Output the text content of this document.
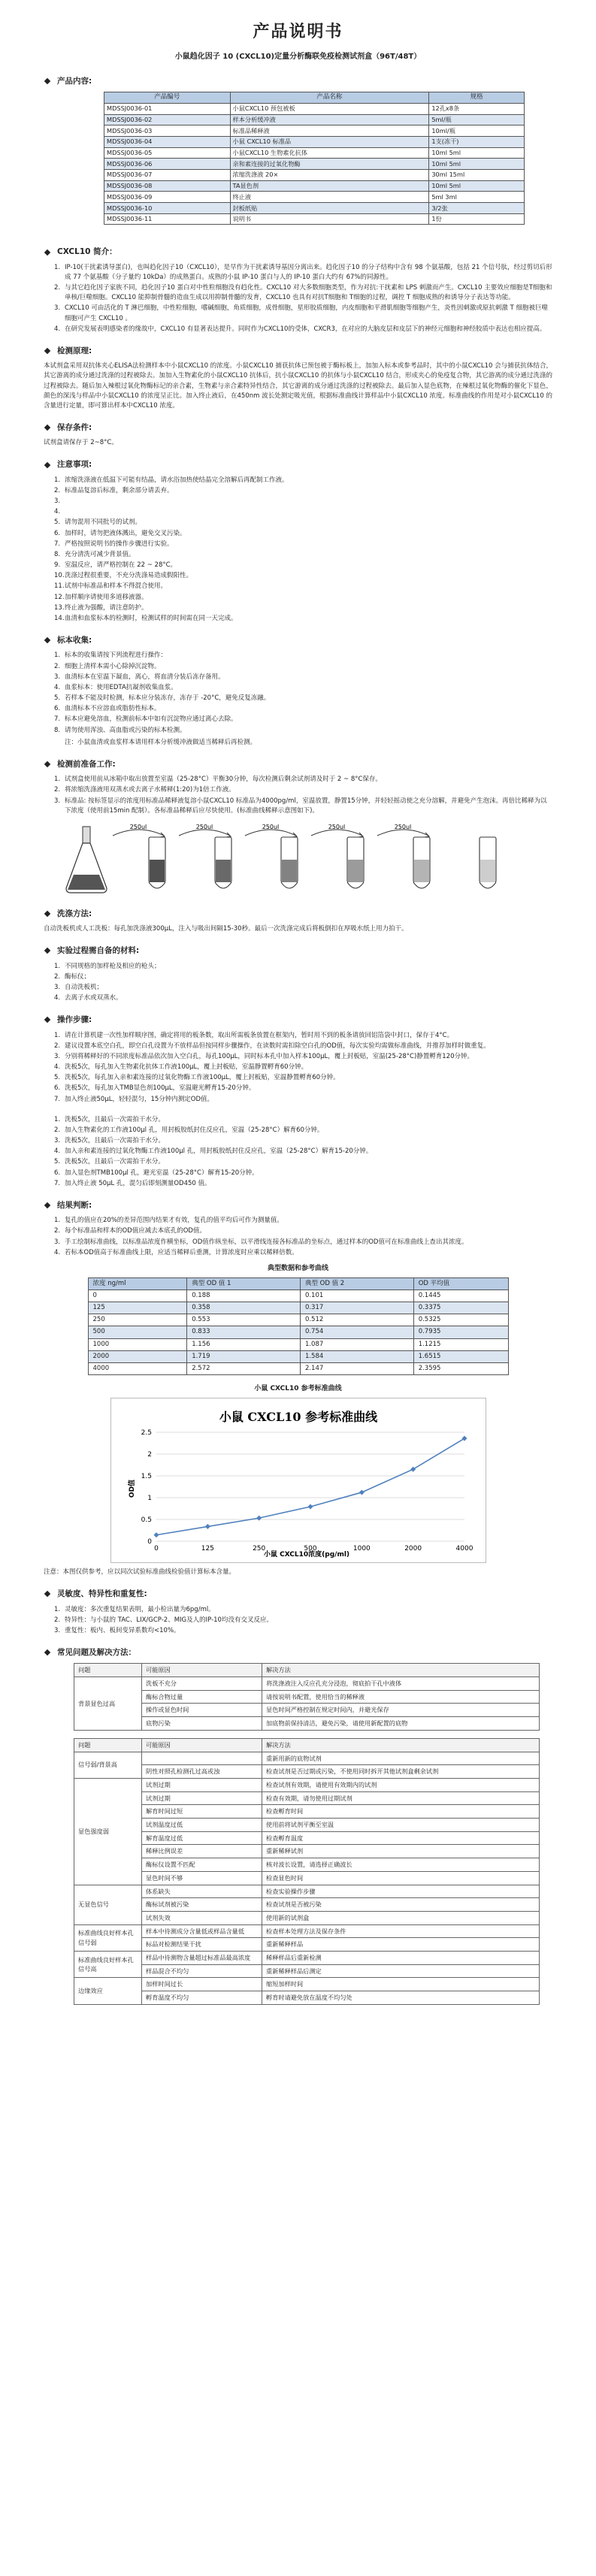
产品说明书
小鼠趋化因子 10 (CXCL10)定量分析酶联免疫检测试剂盒（96T/48T）
产品内容:
产品编号	产品名称	规格
MDSSJ0036-01	小鼠CXCL10 预包被板	12孔x8条
MDSSJ0036-02	样本分析缓冲液	5ml/瓶
MDSSJ0036-03	标准品稀释液	10ml/瓶
MDSSJ0036-04	小鼠 CXCL10 标准品	1支(冻干)
MDSSJ0036-05	小鼠CXCL10 生物素化抗体	10ml 5ml
MDSSJ0036-06	亲和素连接的过氧化物酶	10ml 5ml
MDSSJ0036-07	浓缩洗涤液 20×	30ml 15ml
MDSSJ0036-08	TA显色剂	10ml 5ml
MDSSJ0036-09	终止液	5ml 3ml
MDSSJ0036-10	封板纸贴	3/2张
MDSSJ0036-11	说明书	1份
CXCL10 简介：
1. IP-10(干扰素诱导蛋白)，也叫趋化因子10（CXCL10），是早作为干扰素诱导基因分离出来。趋化因子10 的分子结构中含有 98 个氨基酸，包括 21 个信号肽，经过剪切后形成 77 个氨基酸（分子量约 10kDa）的成熟蛋白。成熟的小鼠 IP-10 蛋白与人的 IP-10 蛋白大约有 67%的同源性。
2. 与其它趋化因子家族不同，趋化因子10 蛋白对中性粒细胞没有趋化性。CXCL10 对大多数细胞类型，作为对抗:干扰素和 LPS 刺激而产生。CXCL10 主要效应细胞是T细胞和单核/巨噬细胞。CXCL10 能抑制骨髓的造血生成以用抑制骨髓的发育，CXCL10 也具有对抗T细胞和 T细胞的过程，调控 T 细胞成熟的和诱导分子表达等功能。
3. CXCL10 可由活化的 T 淋巴细胞，中性粒细胞，嗜碱细胞，角质细胞，成骨细胞，星形胶质细胞，内皮细胞和平滑肌细胞等细胞产生，炎性因刺激或原抗刺激 T 细胞被巨噬细胞可产生 CXCL10 。
4. 在研究发展表明感染者的缘故中，CXCL10 有显著表达提升。同时作为CXCL10的受体，CXCR3，在对应的大脑皮层和皮层下的神经元细胞和神经胶质中表达也相应提高。
检测原理:
本试剂盒采用双抗体夹心ELISA法检测样本中小鼠CXCL10 的浓度。小鼠CXCL10 捕获抗体已预包被于酶标板上，加加入标本或参考品时，其中的小鼠CXCL10 会与捕获抗体结合，其它游离的成分通过洗涤的过程被除去。加加入生物素化的小鼠CXCL10 抗体后，抗小鼠CXCL10 的抗体与小鼠CXCL10 结合，形成夹心的免疫复合物，其它游离的成分通过洗涤的过程被除去。随后加入辣根过氧化物酶标记的亲合素，生物素与亲合素特异性结合，其它游离的成分通过洗涤的过程被除去。最后加入显色底物，在辣根过氧化物酶的催化下显色，颜色的深浅与样品中小鼠CXCL10 的浓度呈正比。加入终止液后，在450nm 波长处测定吸光值，根据标准曲线计算样品中小鼠CXCL10 浓度。标准曲线的作用是对小鼠CXCL10 的含量进行定量，即可算出样本中CXCL10 浓度。
保存条件:
试剂盒请保存于 2~8°C。
注意事项:
1. 浓缩洗涤液在低温下可能有结晶，请水浴加热使结晶完全溶解后再配制工作液。
2. 标准品复溶后标准，剩余部分请丢弃。
3.
4.
5. 请勿混用不同批号的试剂。
6. 加样时，请勿把液体溅出，避免交叉污染。
7. 严格按照说明书的操作步骤进行实验。
8. 充分清洗可减少背景值。
9. 室温反应，请严格控制在 22 ~ 28°C。
10. 洗涤过程很重要，不充分洗涤易造成假阳性。
11. 试剂中标准品和样本不得混合使用。
12. 加样顺序请使用多道移液器。
13. 终止液为强酸，请注意防护。
14. 血清和血浆标本的检测时，检测试样的时间需在同一天完成。
标本收集:
1. 标本的收集请按下列流程进行操作：
2. 细胞上清样本需小心除掉沉淀物。
3. 血清标本在室温下凝血，离心，将血清分装后冻存备用。
4. 血浆标本：使用EDTA抗凝剂收集血浆。
5. 若样本不能及时检测，标本应分装冻存，冻存于 -20°C，避免反复冻融。
6. 血清标本不应溶血或脂肪性标本。
7. 标本应避免溶血，检测前标本中如有沉淀物应通过离心去除。
8. 请勿使用浑浊、高血脂或污染的标本检测。
注：小鼠血清或血浆样本请用样本分析缓冲液做适当稀释后再检测。
检测前准备工作:
1. 试剂盒使用前从冰箱中取出放置至室温（25-28°C）平衡30分钟，每次检测后剩余试剂请及时于 2 ~ 8°C保存。
2. 将浓缩洗涤液用双蒸水或去离子水稀释(1:20)为1倍工作液。
3. 标准品: 按标签显示的浓度用标准品稀释液复溶小鼠CXCL10 标准品为4000pg/ml，室温放置，静置15分钟，并轻轻摇动使之充分溶解，并避免产生泡沫。再倍比稀释为以下浓度（使用前15min 配制）。各标准品稀释后应尽快使用。(标准曲线稀释示意图如下)。
250ul	250ul	250ul	250ul	250ul
洗涤方法:
自动洗板机或人工洗板：每孔加洗涤液300μL，注入与吸出间隔15-30秒。最后一次洗涤完成后将板倒扣在厚吸水纸上用力拍干。
实验过程需自备的材料:
1. 不同规格的加样枪及相应的枪头；
2. 酶标仪；
3. 自动洗板机；
4. 去离子水或双蒸水。
操作步骤:
1. 请在计算机建一次性加样顺序图，确定将用的板条数，取出所需板条放置在框架内，暂时用不到的板条请放回铝箔袋中封口，保存于4°C。
2. 建议设置本底空白孔，即空白孔设置为不放样品但按同样步骤操作，在读数时需扣除空白孔的OD值，每次实验均需做标准曲线，并推荐加样时做重复。
3. 分别将稀释好的不同浓度标准品依次加入空白孔，每孔100μL，同时标本孔中加入样本100μL，覆上封板贴，室温(25-28°C)静置孵育120分钟。
4. 洗板5次，每孔加入生物素化抗体工作液100μL，覆上封板贴，室温静置孵育60分钟。
5. 洗板5次，每孔加入亲和素连接的过氧化物酶工作液100μL，覆上封板贴，室温静置孵育60分钟。
6. 洗板5次，每孔加入TMB显色剂100μL，室温避光孵育15-20分钟。
7. 加入终止液50μL，轻轻混匀，15分钟内测定OD值。
1. 洗板5次，且最后一次需拍干水分。
2. 加入生物素化的工作液100μl 孔，用封板胶纸封住反应孔，室温（25-28°C）解育60分钟。
3. 洗板5次，且最后一次需拍干水分。
4. 加入亲和素连接的过氧化物酶工作液100μl 孔，用封板胶纸封住反应孔，室温（25-28°C）解育15-20分钟。
5. 洗板5次，且最后一次需拍干水分。
6. 加入显色剂TMB100μl 孔，避光室温（25-28°C）解育15-20分钟。
7. 加入终止液 50μL 孔，混匀后即刻测量OD450 值。
结果判断:
1. 复孔的值应在20%的差异范围内结果才有效，复孔的值平均后可作为测量值。
2. 每个标准品和样本的OD值应减去本底孔的OD值。
3. 手工绘制标准曲线，以标准品浓度作横坐标，OD值作纵坐标，以平滑线连接各标准品的坐标点，通过样本的OD值可在标准曲线上查出其浓度。
4. 若标本OD值高于标准曲线上限，应适当稀释后重测，计算浓度时应乘以稀释倍数。
典型数据和参考曲线
浓度 ng/ml	典型 OD 值 1	典型 OD 值 2	OD 平均值
0	0.188	0.101	0.1445
125	0.358	0.317	0.3375
250	0.553	0.512	0.5325
500	0.833	0.754	0.7935
1000	1.156	1.087	1.1215
2000	1.719	1.584	1.6515
4000	2.572	2.147	2.3595
小鼠 CXCL10 参考标准曲线
小鼠 CXCL10 参考标准曲线
OD值
小鼠 CXCL10浓度(pg/ml)
0
0.5
1
1.5
2
2.5
0	125	250	500	1000	2000	4000
注意：本图仅供参考，应以同次试验标准曲线检验值计算标本含量。
灵敏度、特异性和重复性:
1. 灵敏度：多次重复结果表明，最小检出量为6pg/ml。
2. 特异性：与小鼠的 TAC、LIX/GCP-2、MIG及人的IP-10均没有交叉反应。
3. 重复性：板内、板间变异系数均<10%。
常见问题及解决方法：
问题	可能原因	解决方法
背景显色过高	洗板不充分	将洗涤液注入反应孔充分浸泡，彻底拍干孔中液体
	酶标合物过量	请按说明书配置，使用恰当的稀释液
	操作或显色时间	显色时间严格控制在规定时间内，并避光保存
	底物污染	加底物前保持清洁，避免污染，请使用新配置的底物
问题	可能原因	解决方法
信号弱/背景高		重新用新的底物试剂
	阴性对照孔检测孔过高或浊	检查试剂是否过期或污染，不使用同时拆开其他试剂盒剩余试剂
显色强度弱	试剂过期	检查试剂有效期，请使用有效期内的试剂
	试剂过期	检查有效期，请勿使用过期试剂
	解育时间过短	检查孵育时间
	试剂温度过低	使用前将试剂平衡至室温
	解育温度过低	检查孵育温度
	稀释比例误差	重新稀释试剂
	酶标仪设置不匹配	核对波长设置，请选择正确波长
	显色时间不够	检查显色时间
无显色信号	体系缺失	检查实验操作步骤
	酶标试剂被污染	检查试剂是否被污染
	试剂失效	使用新的试剂盒
标准曲线良好样本孔信号弱	样本中待测成分含量低或样品含量低	检查样本处理方法及保存条件
	标品对检测结果干扰	重新稀释样品
标准曲线良好样本孔信号高	样品中待测物含量超过标准品最高浓度	稀释样品后重新检测
	样品混合不均匀	重新稀释样品后测定
边缘效应	加样时间过长	缩短加样时间
	孵育温度不均匀	孵育时请避免放在温度不均匀处
